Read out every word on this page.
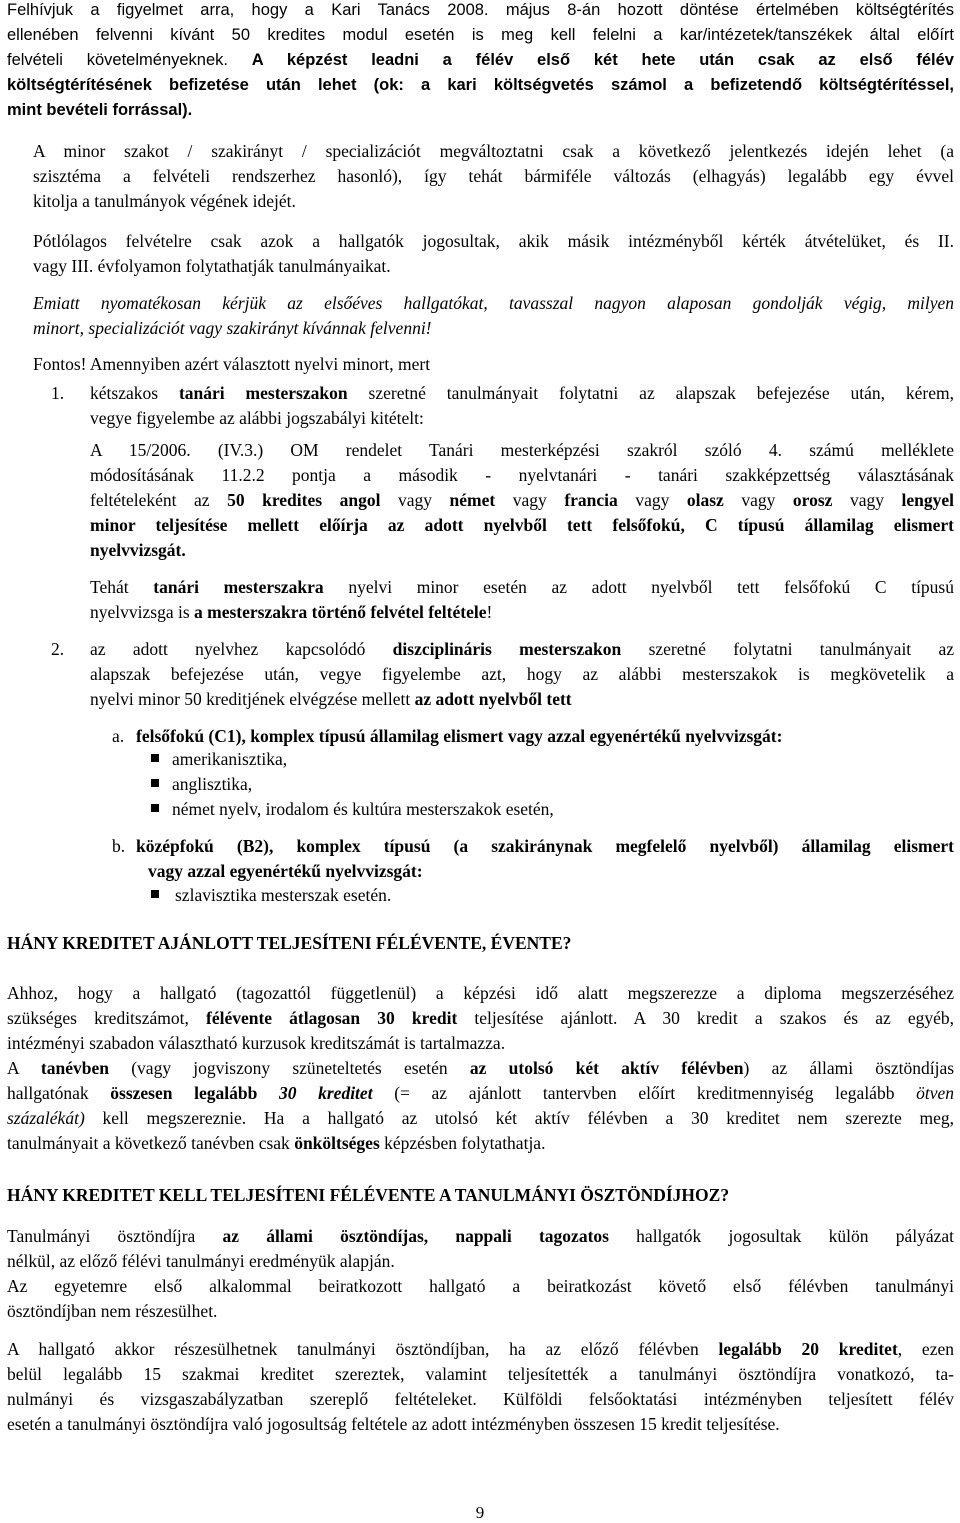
Felhívjuk a figyelmet arra, hogy a Kari Tanács 2008. május 8-án hozott döntése értelmében költségtérítés
ellenében felvenni kívánt 50 kredites modul esetén is meg kell felelni a kar/intézetek/tanszékek által előírt
felvételi követelményeknek. A képzést leadni a félév első két hete után csak az első félév
költségtérítésének befizetése után lehet (ok: a kari költségvetés számol a befizetendő költségtérítéssel,
mint bevételi forrással).
A minor szakot / szakirányt / specializációt megváltoztatni csak a következő jelentkezés idején lehet (a
szisztéma a felvételi rendszerhez hasonló), így tehát bármiféle változás (elhagyás) legalább egy évvel
kitolja a tanulmányok végének idejét.
Pótlólagos felvételre csak azok a hallgatók jogosultak, akik másik intézményből kérték átvételüket, és II.
vagy III. évfolyamon folytathatják tanulmányaikat.
Emiatt nyomatékosan kérjük az elsőéves hallgatókat, tavasszal nagyon alaposan gondolják végig, milyen
minort, specializációt vagy szakirányt kívánnak felvenni!
Fontos! Amennyiben azért választott nyelvi minort, mert
1. kétszakos tanári mesterszakon szeretné tanulmányait folytatni az alapszak befejezése után, kérem,
vegye figyelembe az alábbi jogszabályi kitételt:
A 15/2006. (IV.3.) OM rendelet Tanári mesterképzési szakról szóló 4. számú melléklete
módosításának 11.2.2 pontja a második - nyelvtanári - tanári szakképzettség választásának
feltételeként az 50 kredites angol vagy német vagy francia vagy olasz vagy orosz vagy lengyel
minor teljesítése mellett előírja az adott nyelvből tett felsőfokú, C típusú államilag elismert
nyelvvizsgát.
Tehát tanári mesterszakra nyelvi minor esetén az adott nyelvből tett felsőfokú C típusú
nyelvvizsga is a mesterszakra történő felvétel feltétele!
2. az adott nyelvhez kapcsolódó diszciplináris mesterszakon szeretné folytatni tanulmányait az
alapszak befejezése után, vegye figyelembe azt, hogy az alábbi mesterszakok is megkövetelik a
nyelvi minor 50 kreditjének elvégzése mellett az adott nyelvből tett
a. felsőfokú (C1), komplex típusú államilag elismert vagy azzal egyenértékű nyelvvizsgát:
amerikanisztika,
anglisztika,
német nyelv, irodalom és kultúra mesterszakok esetén,
b. középfokú (B2), komplex típusú (a szakiránynak megfelelő nyelvből) államilag elismert
vagy azzal egyenértékű nyelvvizsgát:
szlavisztika mesterszak esetén.
HÁNY KREDITET AJÁNLOTT TELJESÍTENI FÉLÉVENTE, ÉVENTE?
Ahhoz, hogy a hallgató (tagozattól függetlenül) a képzési idő alatt megszerezze a diploma megszerzéséhez
szükséges kreditszámot, félévente átlagosan 30 kredit teljesítése ajánlott. A 30 kredit a szakos és az egyéb,
intézményi szabadon választható kurzusok kreditszámát is tartalmazza.
A tanévben (vagy jogviszony szüneteltetés esetén az utolsó két aktív félévben) az állami ösztöndíjas
hallgatónak összesen legalább 30 kreditet (= az ajánlott tantervben előírt kreditmennyiség legalább ötven
százalékát) kell megszereznie. Ha a hallgató az utolsó két aktív félévben a 30 kreditet nem szerezte meg,
tanulmányait a következő tanévben csak önköltséges képzésben folytathatja.
HÁNY KREDITET KELL TELJESÍTENI FÉLÉVENTE A TANULMÁNYI ÖSZTÖNDÍJHOZ?
Tanulmányi ösztöndíjra az állami ösztöndíjas, nappali tagozatos hallgatók jogosultak külön pályázat
nélkül, az előző félévi tanulmányi eredményük alapján.
Az egyetemre első alkalommal beiratkozott hallgató a beiratkozást követő első félévben tanulmányi
ösztöndíjban nem részesülhet.
A hallgató akkor részesülhetnek tanulmányi ösztöndíjban, ha az előző félévben legalább 20 kreditet, ezen
belül legalább 15 szakmai kreditet szereztek, valamint teljesítették a tanulmányi ösztöndíjra vonatkozó, ta-
nulmányi és vizsgaszabályzatban szereplő feltételeket. Külföldi felsőoktatási intézményben teljesített félév
esetén a tanulmányi ösztöndíjra való jogosultság feltétele az adott intézményben összesen 15 kredit teljesítése.
9
